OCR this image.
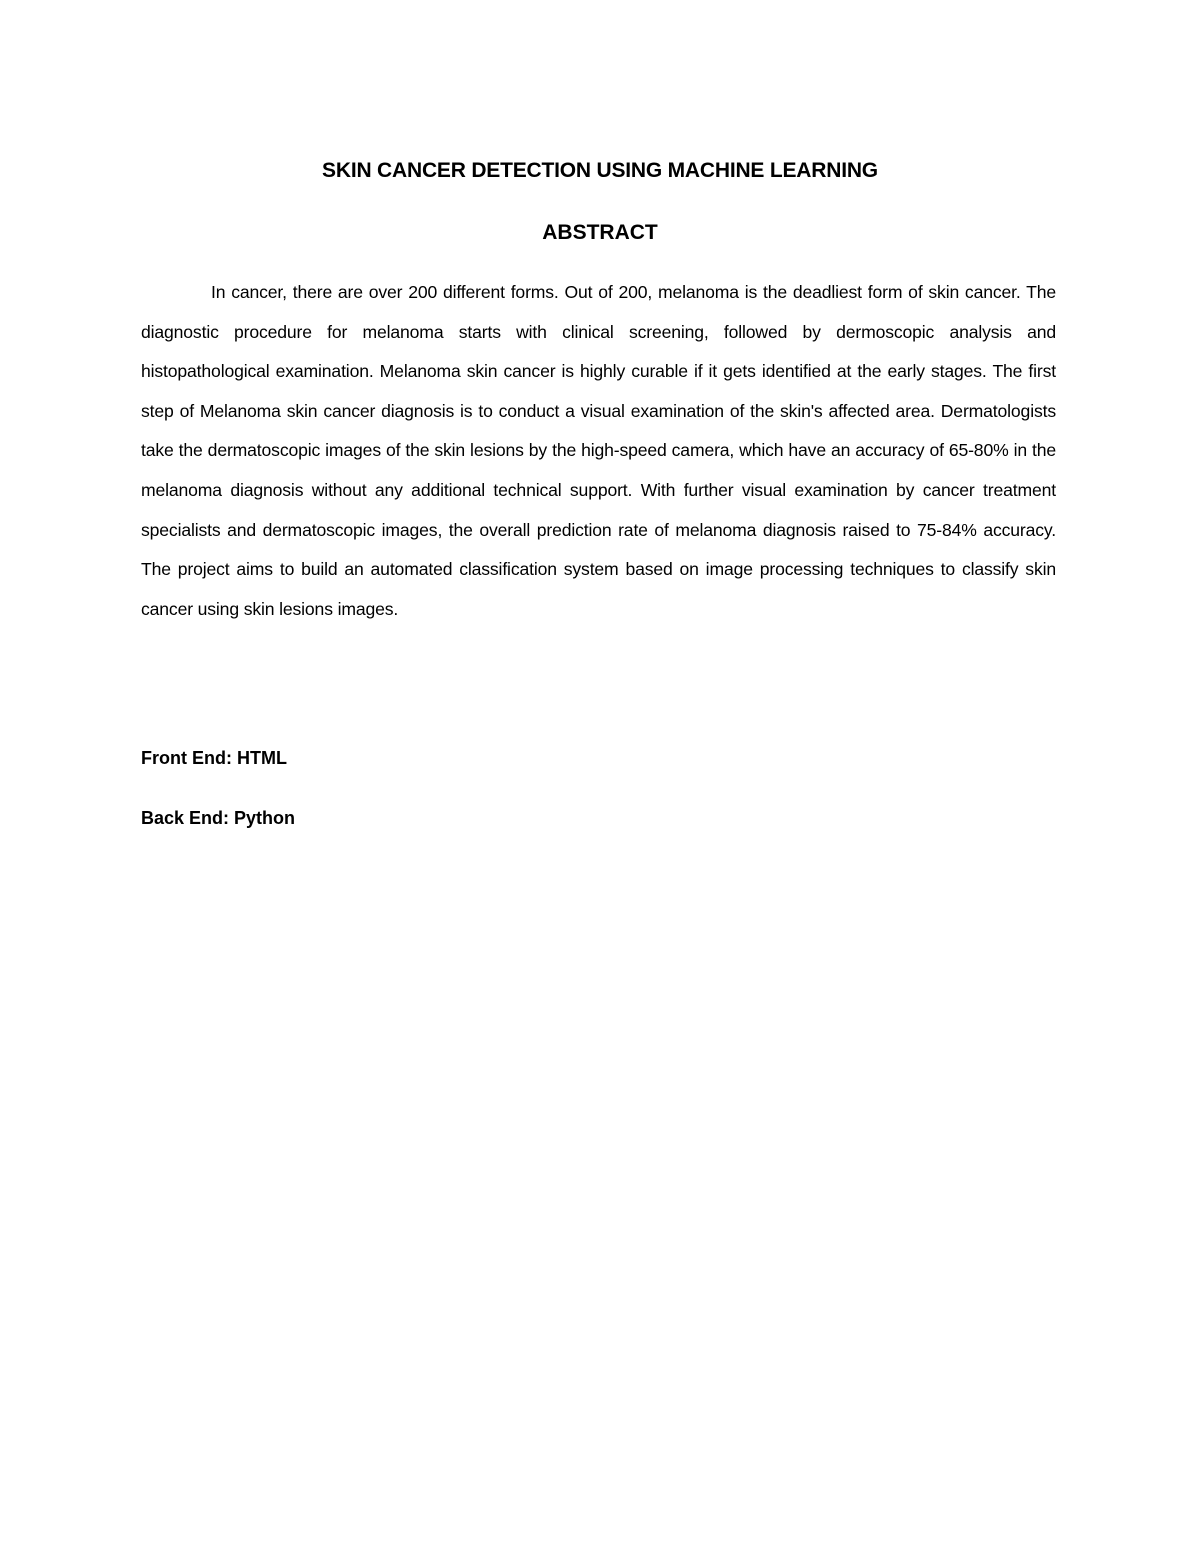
SKIN CANCER DETECTION USING MACHINE LEARNING
ABSTRACT

In cancer, there are over 200 different forms. Out of 200, melanoma is the deadliest form of skin cancer. The diagnostic procedure for melanoma starts with clinical screening, followed by dermoscopic analysis and histopathological examination. Melanoma skin cancer is highly curable if it gets identified at the early stages. The first step of Melanoma skin cancer diagnosis is to conduct a visual examination of the skin's affected area. Dermatologists take the dermatoscopic images of the skin lesions by the high-speed camera, which have an accuracy of 65-80% in the melanoma diagnosis without any additional technical support. With further visual examination by cancer treatment specialists and dermatoscopic images, the overall prediction rate of melanoma diagnosis raised to 75-84% accuracy. The project aims to build an automated classification system based on image processing techniques to classify skin cancer using skin lesions images.

Front End: HTML
Back End: Python
